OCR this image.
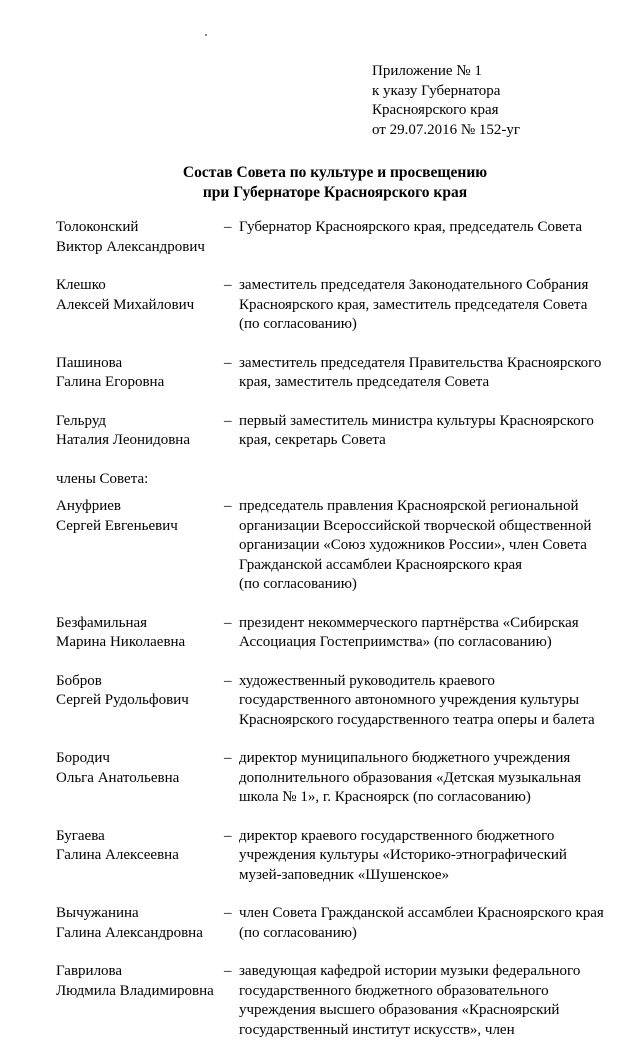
Приложение № 1
к указу Губернатора
Красноярского края
от 29.07.2016 № 152-уг
Состав Совета по культуре и просвещению
при Губернаторе Красноярского края
Толоконский
Виктор Александрович
– Губернатор Красноярского края, председатель Совета
Клешко
Алексей Михайлович
– заместитель председателя Законодательного Собрания
Красноярского края, заместитель председателя Совета
(по согласованию)
Пашинова
Галина Егоровна
– заместитель председателя Правительства Красноярского
края, заместитель председателя Совета
Гельруд
Наталия Леонидовна
– первый заместитель министра культуры Красноярского
края, секретарь Совета
члены Совета:
Ануфриев
Сергей Евгеньевич
– председатель правления Красноярской региональной
организации Всероссийской творческой общественной
организации «Союз художников России», член Совета
Гражданской ассамблеи Красноярского края
(по согласованию)
Безфамильная
Марина Николаевна
– президент некоммерческого партнёрства «Сибирская
Ассоциация Гостеприимства» (по согласованию)
Бобров
Сергей Рудольфович
– художественный руководитель краевого
государственного автономного учреждения культуры
Красноярского государственного театра оперы и балета
Бородич
Ольга Анатольевна
– директор муниципального бюджетного учреждения
дополнительного образования «Детская музыкальная
школа № 1», г. Красноярск (по согласованию)
Бугаева
Галина Алексеевна
– директор краевого государственного бюджетного
учреждения культуры «Историко-этнографический
музей-заповедник «Шушенское»
Вычужанина
Галина Александровна
– член Совета Гражданской ассамблеи Красноярского края
(по согласованию)
Гаврилова
Людмила Владимировна
– заведующая кафедрой истории музыки федерального
государственного бюджетного образовательного
учреждения высшего образования «Красноярский
государственный институт искусств», член
